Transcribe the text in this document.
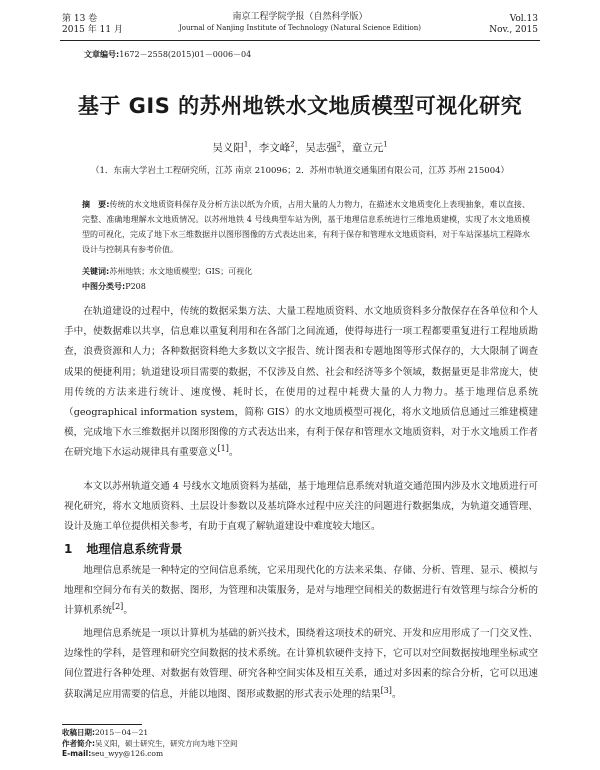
第 13 卷
2015 年 11 月
南京工程学院学报（自然科学版）
Journal of Nanjing Institute of Technology (Natural Science Edition)
Vol.13
Nov., 2015
文章编号:1672－2558(2015)01－0006－04
基于 GIS 的苏州地铁水文地质模型可视化研究
吴义阳$^1$，李文峰$^2$，吴志强$^2$，童立元$^1$
（1．东南大学岩土工程研究所，江苏 南京 210096；2．苏州市轨道交通集团有限公司，江苏 苏州 215004）
摘　要:传统的水文地质资料保存及分析方法以纸为介质，占用大量的人力物力，在描述水文地质变化上表现抽象，难以直接、完整、准确地理解水文地质情况。以苏州地铁 4 号线典型车站为例，基于地理信息系统进行三维地质建模，实现了水文地质模型的可视化，完成了地下水三维数据并以图形图像的方式表达出来，有利于保存和管理水文地质资料，对于车站深基坑工程降水设计与控制具有参考价值。
关键词:苏州地铁；水文地质模型；GIS；可视化
中图分类号:P208

在轨道建设的过程中，传统的数据采集方法、大量工程地质资料、水文地质资料多分散保存在各单位和个人手中，使数据难以共享，信息难以重复利用和在各部门之间流通，使得每进行一项工程都要重复进行工程地质勘查，浪费资源和人力；各种数据资料绝大多数以文字报告、统计图表和专题地图等形式保存的，大大限制了调查成果的便捷利用；轨道建设项目需要的数据，不仅涉及自然、社会和经济等多个领域，数据量更是非常庞大，使用传统的方法来进行统计、速度慢、耗时长，在使用的过程中耗费大量的人力物力。基于地理信息系统（geographical information system，简称 GIS）的水文地质模型可视化，将水文地质信息通过三维建模建模，完成地下水三维数据并以图形图像的方式表达出来，有利于保存和管理水文地质资料，对于水文地质工作者在研究地下水运动规律具有重要意义[1]。

本文以苏州轨道交通 4 号线水文地质资料为基础，基于地理信息系统对轨道交通范围内涉及水文地质进行可视化研究，将水文地质资料、土层设计参数以及基坑降水过程中应关注的问题进行数据集成，为轨道交通管理、设计及施工单位提供相关参考，有助于直观了解轨道建设中难度较大地区。

1 地理信息系统背景

地理信息系统是一种特定的空间信息系统，它采用现代化的方法来采集、存储、分析、管理、显示、模拟与地理和空间分布有关的数据、图形，为管理和决策服务，是对与地理空间相关的数据进行有效管理与综合分析的计算机系统[2]。

地理信息系统是一项以计算机为基础的新兴技术，围绕着这项技术的研究、开发和应用形成了一门交叉性、边缘性的学科，是管理和研究空间数据的技术系统。在计算机软硬件支持下，它可以对空间数据按地理坐标或空间位置进行各种处理、对数据有效管理、研究各种空间实体及相互关系，通过对多因素的综合分析，它可以迅速获取满足应用需要的信息，并能以地图、图形或数据的形式表示处理的结果[3]。

收稿日期:2015－04－21
作者简介:吴义阳，硕士研究生，研究方向为地下空间
E-mail:seu_wyy@126.com
